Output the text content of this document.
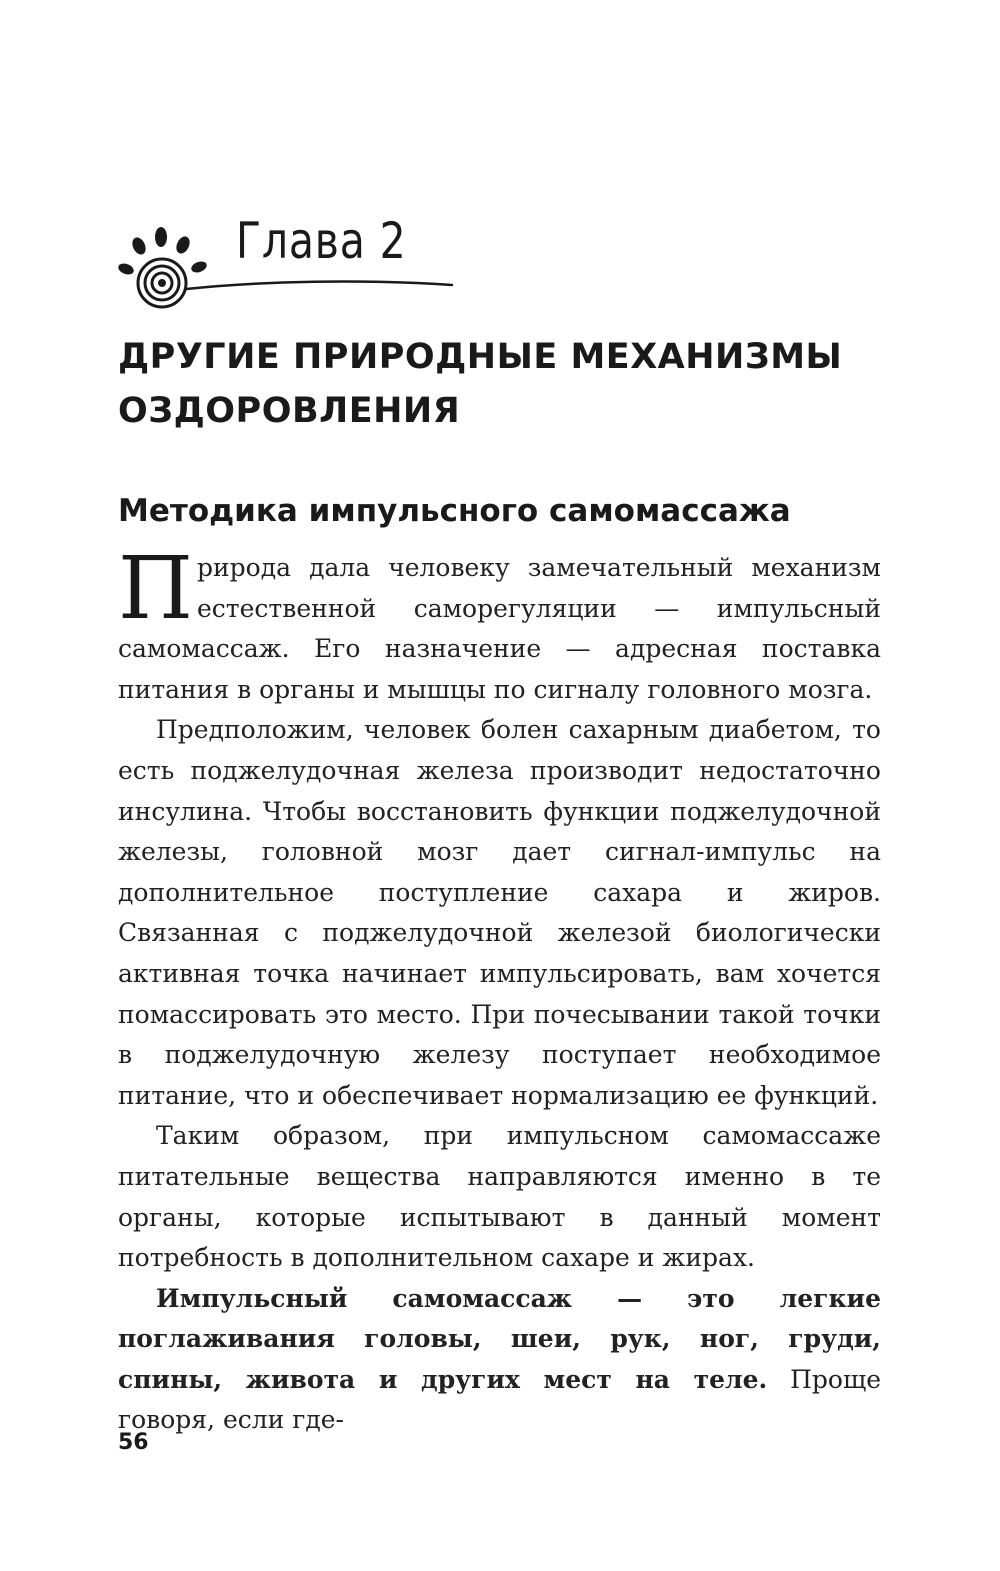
Глава 2
ДРУГИЕ ПРИРОДНЫЕ МЕХАНИЗМЫ ОЗДОРОВЛЕНИЯ
Методика импульсного самомассажа

Природа дала человеку замечательный механизм естественной саморегуляции — импульсный самомассаж. Его назначение — адресная поставка питания в органы и мышцы по сигналу головного мозга.

Предположим, человек болен сахарным диабетом, то есть поджелудочная железа производит недостаточно инсулина. Чтобы восстановить функции поджелудочной железы, головной мозг дает сигнал-импульс на дополнительное поступление сахара и жиров. Связанная с поджелудочной железой биологически активная точка начинает импульсировать, вам хочется помассировать это место. При почесывании такой точки в поджелудочную железу поступает необходимое питание, что и обеспечивает нормализацию ее функций.

Таким образом, при импульсном самомассаже питательные вещества направляются именно в те органы, которые испытывают в данный момент потребность в дополнительном сахаре и жирах.

Импульсный самомассаж — это легкие поглаживания головы, шеи, рук, ног, груди, спины, живота и других мест на теле. Проще говоря, если где-

56
